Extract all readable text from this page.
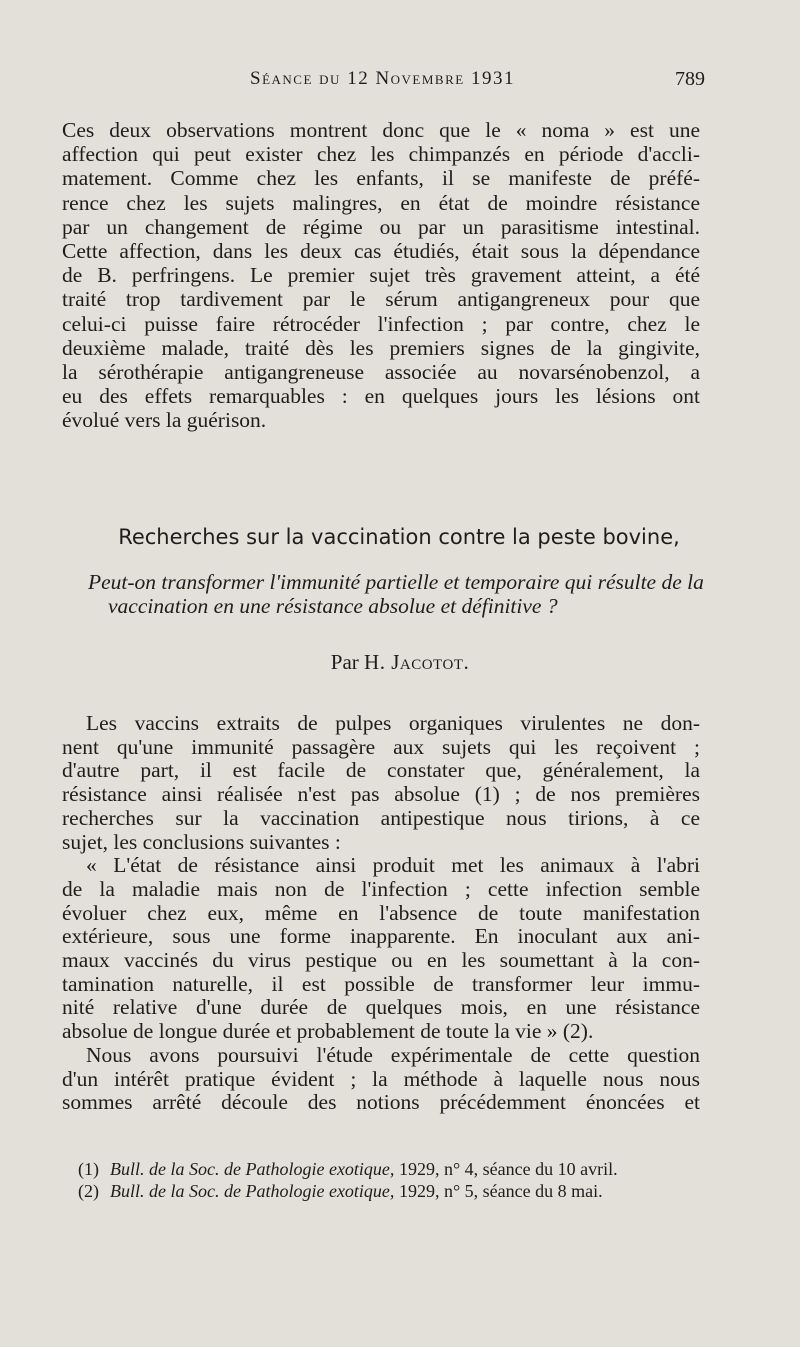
Séance du 12 Novembre 1931	789

Ces deux observations montrent donc que le « noma » est une

affection qui peut exister chez les chimpanzés en période d'accli-

matement. Comme chez les enfants, il se manifeste de préfé-

rence chez les sujets malingres, en état de moindre résistance

par un changement de régime ou par un parasitisme intestinal.

Cette affection, dans les deux cas étudiés, était sous la dépendance

de B. perfringens. Le premier sujet très gravement atteint, a été

traité trop tardivement par le sérum antigangreneux pour que

celui-ci puisse faire rétrocéder l'infection ; par contre, chez le

deuxième malade, traité dès les premiers signes de la gingivite,

la sérothérapie antigangreneuse associée au novarsénobenzol, a

eu des effets remarquables : en quelques jours les lésions ont

évolué vers la guérison.

Recherches sur la vaccination contre la peste bovine,

Peut-on transformer l'immunité partielle et temporaire qui résulte de la vaccination en une résistance absolue et définitive ?

Par H. Jacotot.

Les vaccins extraits de pulpes organiques virulentes ne don-

nent qu'une immunité passagère aux sujets qui les reçoivent ;

d'autre part, il est facile de constater que, généralement, la

résistance ainsi réalisée n'est pas absolue (1) ; de nos premières

recherches sur la vaccination antipestique nous tirions, à ce

sujet, les conclusions suivantes :

« L'état de résistance ainsi produit met les animaux à l'abri

de la maladie mais non de l'infection ; cette infection semble

évoluer chez eux, même en l'absence de toute manifestation

extérieure, sous une forme inapparente. En inoculant aux ani-

maux vaccinés du virus pestique ou en les soumettant à la con-

tamination naturelle, il est possible de transformer leur immu-

nité relative d'une durée de quelques mois, en une résistance

absolue de longue durée et probablement de toute la vie » (2).

Nous avons poursuivi l'étude expérimentale de cette question

d'un intérêt pratique évident ; la méthode à laquelle nous nous

sommes arrêté découle des notions précédemment énoncées et

(1) Bull. de la Soc. de Pathologie exotique, 1929, n° 4, séance du 10 avril.
(2) Bull. de la Soc. de Pathologie exotique, 1929, n° 5, séance du 8 mai.
